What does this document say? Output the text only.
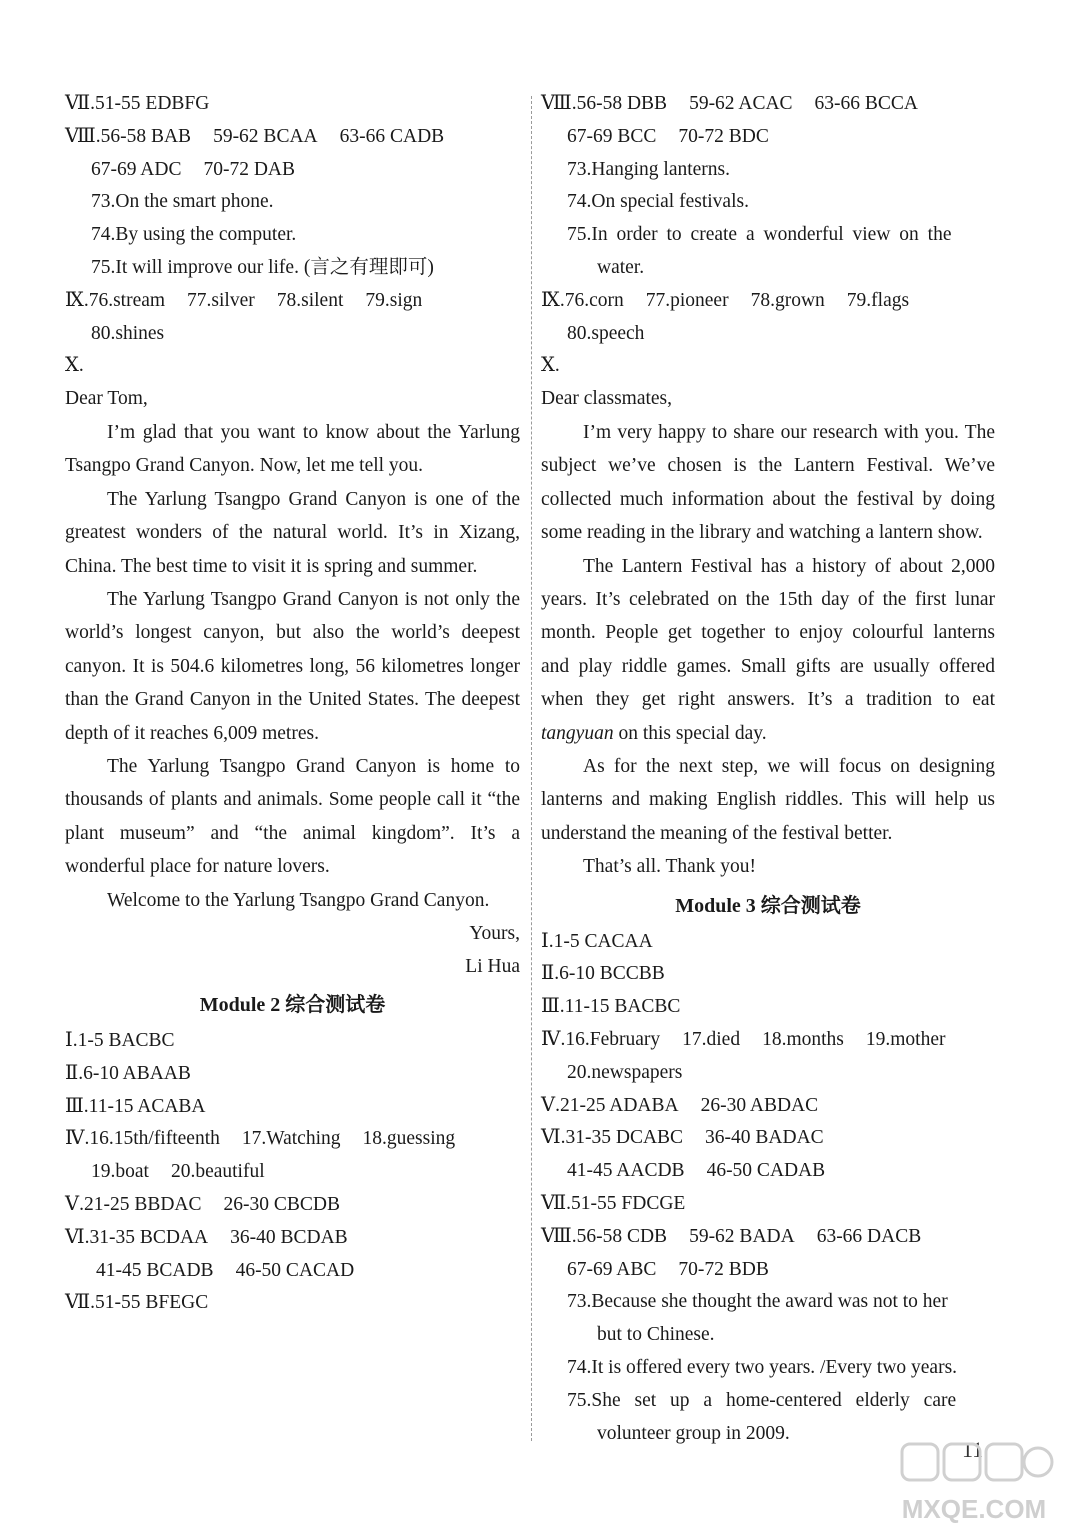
Ⅶ.51-55 EDBFG
Ⅷ.56-58 BAB 59-62 BCAA 63-66 CADB
67-69 ADC 70-72 DAB
73.On the smart phone.
74.By using the computer.
75.It will improve our life. (言之有理即可)
Ⅸ.76.stream 77.silver 78.silent 79.sign
80.shines
Ⅹ.
Dear Tom,

I’m glad that you want to know about the Yarlung Tsangpo Grand Canyon. Now, let me tell you.

The Yarlung Tsangpo Grand Canyon is one of the greatest wonders of the natural world. It’s in Xizang, China. The best time to visit it is spring and summer.

The Yarlung Tsangpo Grand Canyon is not only the world’s longest canyon, but also the world’s deepest canyon. It is 504.6 kilometres long, 56 kilometres longer than the Grand Canyon in the United States. The deepest depth of it reaches 6,009 metres.

The Yarlung Tsangpo Grand Canyon is home to thousands of plants and animals. Some people call it “the plant museum” and “the animal kingdom”. It’s a wonderful place for nature lovers.

Welcome to the Yarlung Tsangpo Grand Canyon.

Yours,
Li Hua
Module 2 综合测试卷
Ⅰ.1-5 BACBC
Ⅱ.6-10 ABAAB
Ⅲ.11-15 ACABA
Ⅳ.16.15th/fifteenth 17.Watching 18.guessing
19.boat 20.beautiful
Ⅴ.21-25 BBDAC 26-30 CBCDB
Ⅵ.31-35 BCDAA 36-40 BCDAB
41-45 BCADB 46-50 CACAD
Ⅶ.51-55 BFEGC
Ⅷ.56-58 DBB 59-62 ACAC 63-66 BCCA
67-69 BCC 70-72 BDC
73.Hanging lanterns.
74.On special festivals.
75.In order to create a wonderful view on the
water.
Ⅸ.76.corn 77.pioneer 78.grown 79.flags
80.speech
Ⅹ.
Dear classmates,

I’m very happy to share our research with you. The subject we’ve chosen is the Lantern Festival. We’ve collected much information about the festival by doing some reading in the library and watching a lantern show.

The Lantern Festival has a history of about 2,000 years. It’s celebrated on the 15th day of the first lunar month. People get together to enjoy colourful lanterns and play riddle games. Small gifts are usually offered when they get right answers. It’s a tradition to eat tangyuan on this special day.

As for the next step, we will focus on designing lanterns and making English riddles. This will help us understand the meaning of the festival better.

That’s all. Thank you!

Module 3 综合测试卷
Ⅰ.1-5 CACAA
Ⅱ.6-10 BCCBB
Ⅲ.11-15 BACBC
Ⅳ.16.February 17.died 18.months 19.mother
20.newspapers
Ⅴ.21-25 ADABA 26-30 ABDAC
Ⅵ.31-35 DCABC 36-40 BADAC
41-45 AACDB 46-50 CADAB
Ⅶ.51-55 FDCGE
Ⅷ.56-58 CDB 59-62 BADA 63-66 DACB
67-69 ABC 70-72 BDB
73.Because she thought the award was not to her
but to Chinese.
74.It is offered every two years. /Every two years.
75.She set up a home-centered elderly care
volunteer group in 2009.
11
MXQE.COM
